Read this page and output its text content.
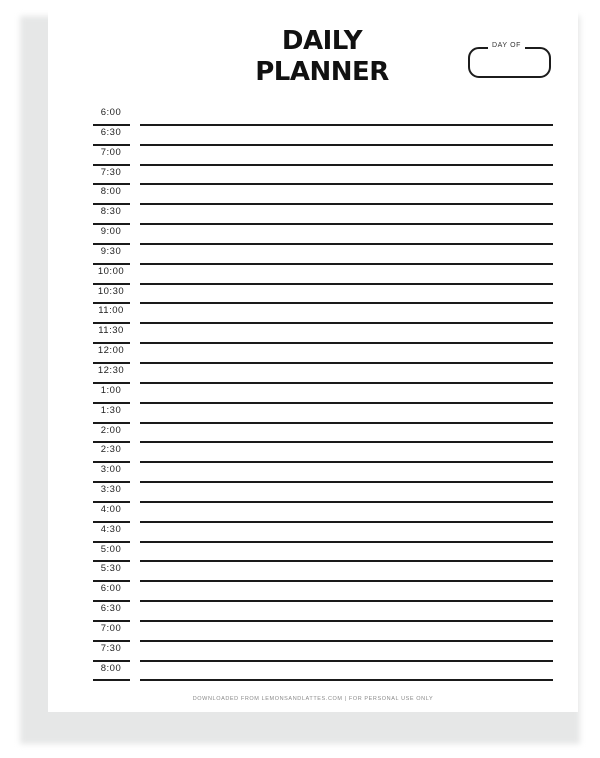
DAILY
PLANNER
DAY OF
6:00
6:30
7:00
7:30
8:00
8:30
9:00
9:30
10:00
10:30
11:00
11:30
12:00
12:30
1:00
1:30
2:00
2:30
3:00
3:30
4:00
4:30
5:00
5:30
6:00
6:30
7:00
7:30
8:00
DOWNLOADED FROM LEMONSANDLATTES.COM | FOR PERSONAL USE ONLY
